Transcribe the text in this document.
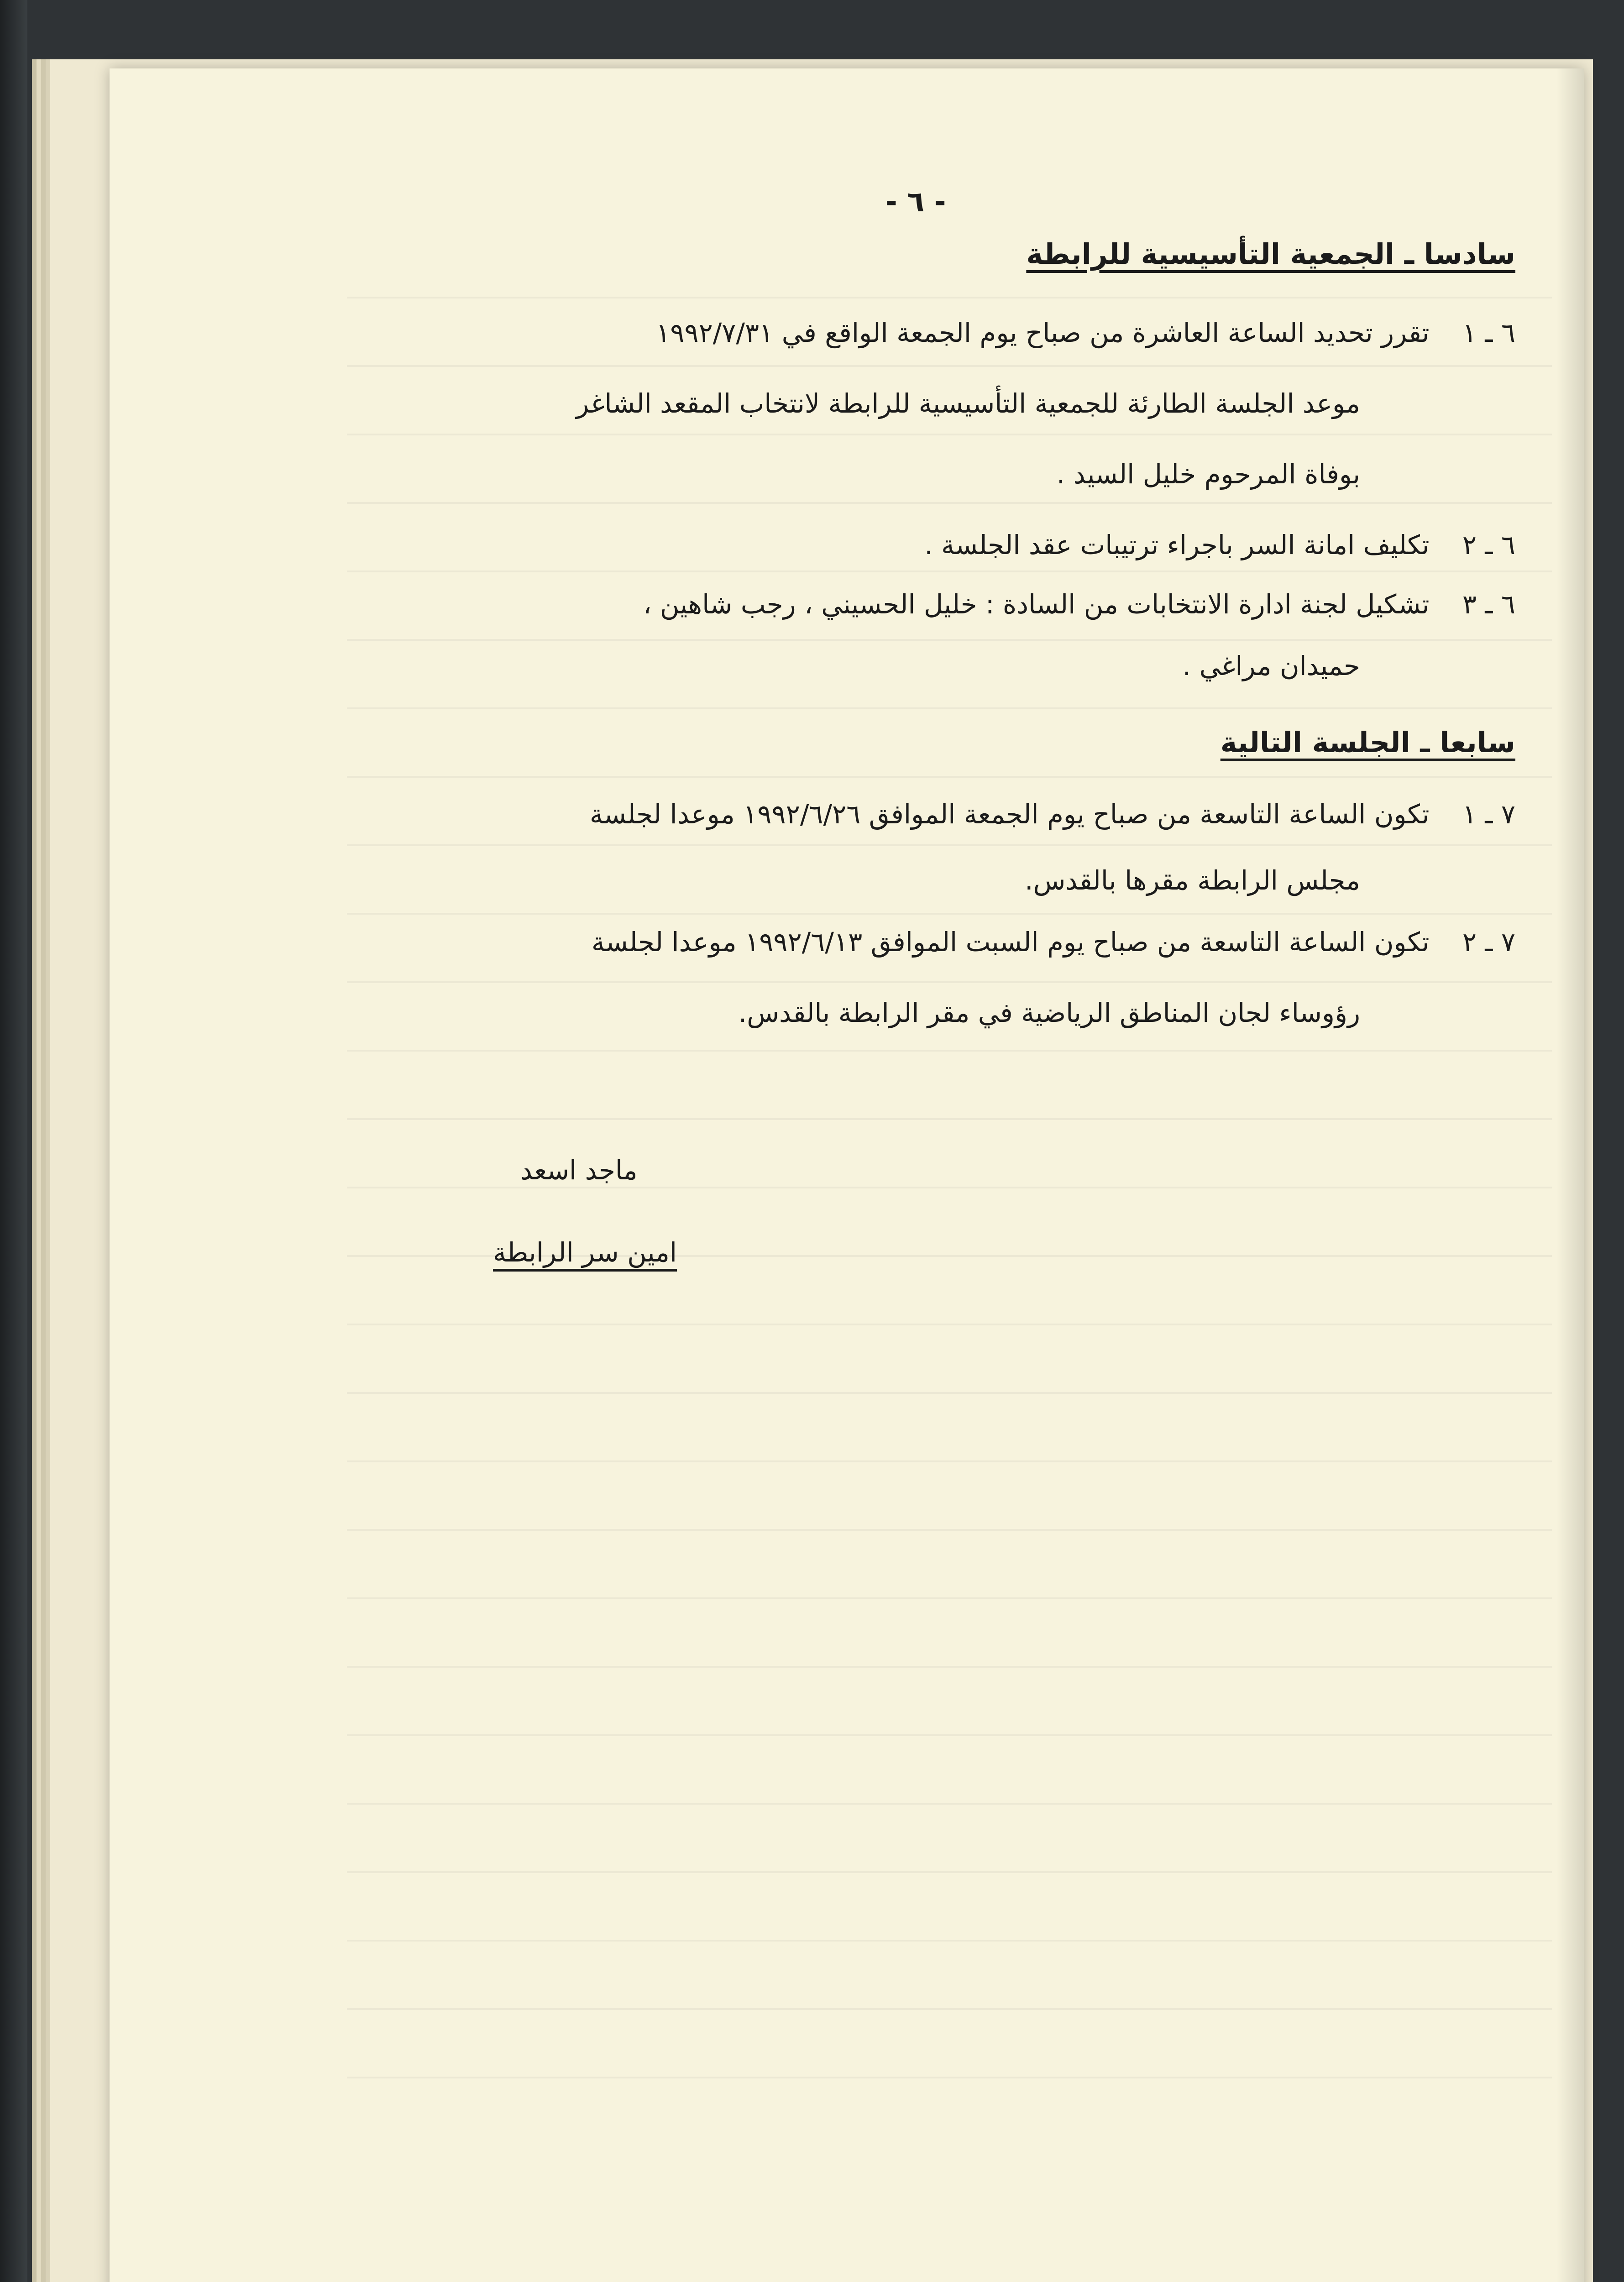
- ٦ -
سادسا ـ الجمعية التأسيسية للرابطة
٦ ـ ١ تقرر تحديد الساعة العاشرة من صباح يوم الجمعة الواقع في ١٩٩٢/٧/٣١
موعد الجلسة الطارئة للجمعية التأسيسية للرابطة لانتخاب المقعد الشاغر
بوفاة المرحوم خليل السيد .
٦ ـ ٢ تكليف امانة السر باجراء ترتيبات عقد الجلسة .
٦ ـ ٣ تشكيل لجنة ادارة الانتخابات من السادة : خليل الحسيني ، رجب شاهين ،
حميدان مراغي .
سابعا ـ الجلسة التالية
٧ ـ ١ تكون الساعة التاسعة من صباح يوم الجمعة الموافق ١٩٩٢/٦/٢٦ موعدا لجلسة
مجلس الرابطة مقرها بالقدس.
٧ ـ ٢ تكون الساعة التاسعة من صباح يوم السبت الموافق ١٩٩٢/٦/١٣ موعدا لجلسة
رؤوساء لجان المناطق الرياضية في مقر الرابطة بالقدس.
ماجد اسعد
امين سر الرابطة
